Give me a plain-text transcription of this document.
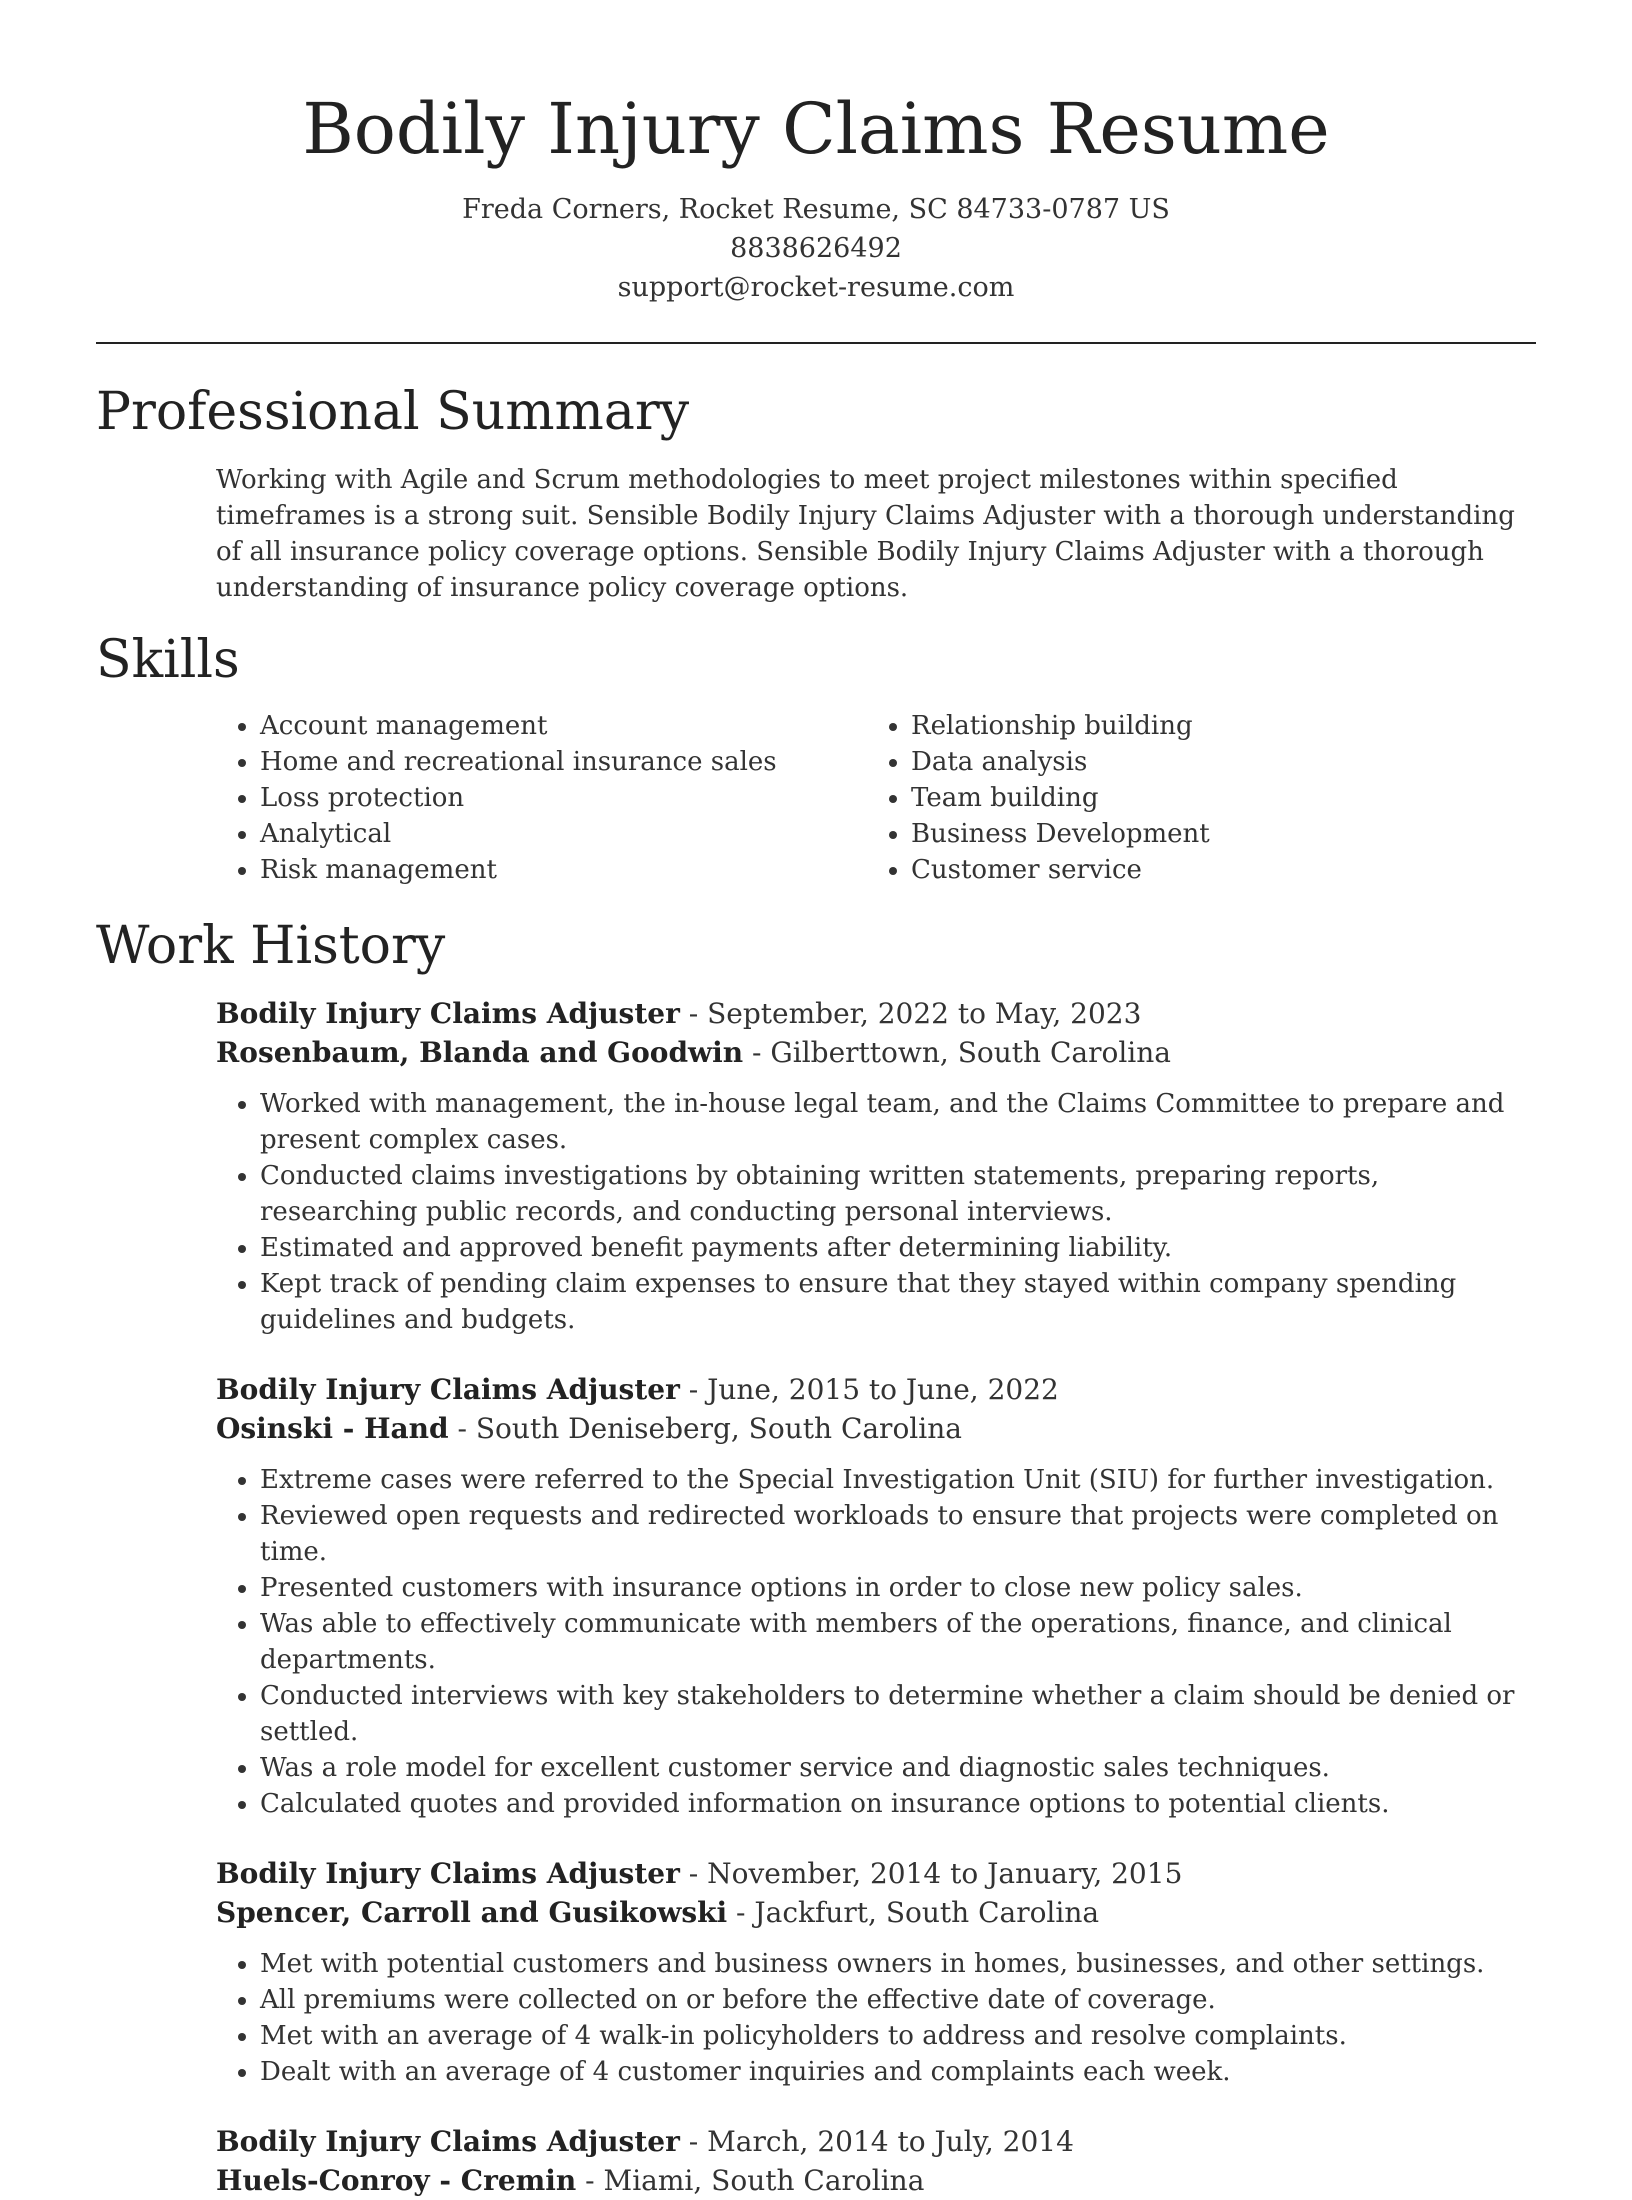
Bodily Injury Claims Resume
Freda Corners, Rocket Resume, SC 84733-0787 US
8838626492
support@rocket-resume.com
Professional Summary

Working with Agile and Scrum methodologies to meet project milestones within specified timeframes is a strong suit. Sensible Bodily Injury Claims Adjuster with a thorough understanding of all insurance policy coverage options. Sensible Bodily Injury Claims Adjuster with a thorough understanding of insurance policy coverage options.

Skills
• Account management
• Home and recreational insurance sales
• Loss protection
• Analytical
• Risk management
• Relationship building
• Data analysis
• Team building
• Business Development
• Customer service
Work History
Bodily Injury Claims Adjuster - September, 2022 to May, 2023
Rosenbaum, Blanda and Goodwin - Gilberttown, South Carolina
• Worked with management, the in-house legal team, and the Claims Committee to prepare and present complex cases.
• Conducted claims investigations by obtaining written statements, preparing reports, researching public records, and conducting personal interviews.
• Estimated and approved benefit payments after determining liability.
• Kept track of pending claim expenses to ensure that they stayed within company spending guidelines and budgets.
Bodily Injury Claims Adjuster - June, 2015 to June, 2022
Osinski - Hand - South Deniseberg, South Carolina
• Extreme cases were referred to the Special Investigation Unit (SIU) for further investigation.
• Reviewed open requests and redirected workloads to ensure that projects were completed on time.
• Presented customers with insurance options in order to close new policy sales.
• Was able to effectively communicate with members of the operations, finance, and clinical departments.
• Conducted interviews with key stakeholders to determine whether a claim should be denied or settled.
• Was a role model for excellent customer service and diagnostic sales techniques.
• Calculated quotes and provided information on insurance options to potential clients.
Bodily Injury Claims Adjuster - November, 2014 to January, 2015
Spencer, Carroll and Gusikowski - Jackfurt, South Carolina
• Met with potential customers and business owners in homes, businesses, and other settings.
• All premiums were collected on or before the effective date of coverage.
• Met with an average of 4 walk-in policyholders to address and resolve complaints.
• Dealt with an average of 4 customer inquiries and complaints each week.
Bodily Injury Claims Adjuster - March, 2014 to July, 2014
Huels-Conroy - Cremin - Miami, South Carolina
